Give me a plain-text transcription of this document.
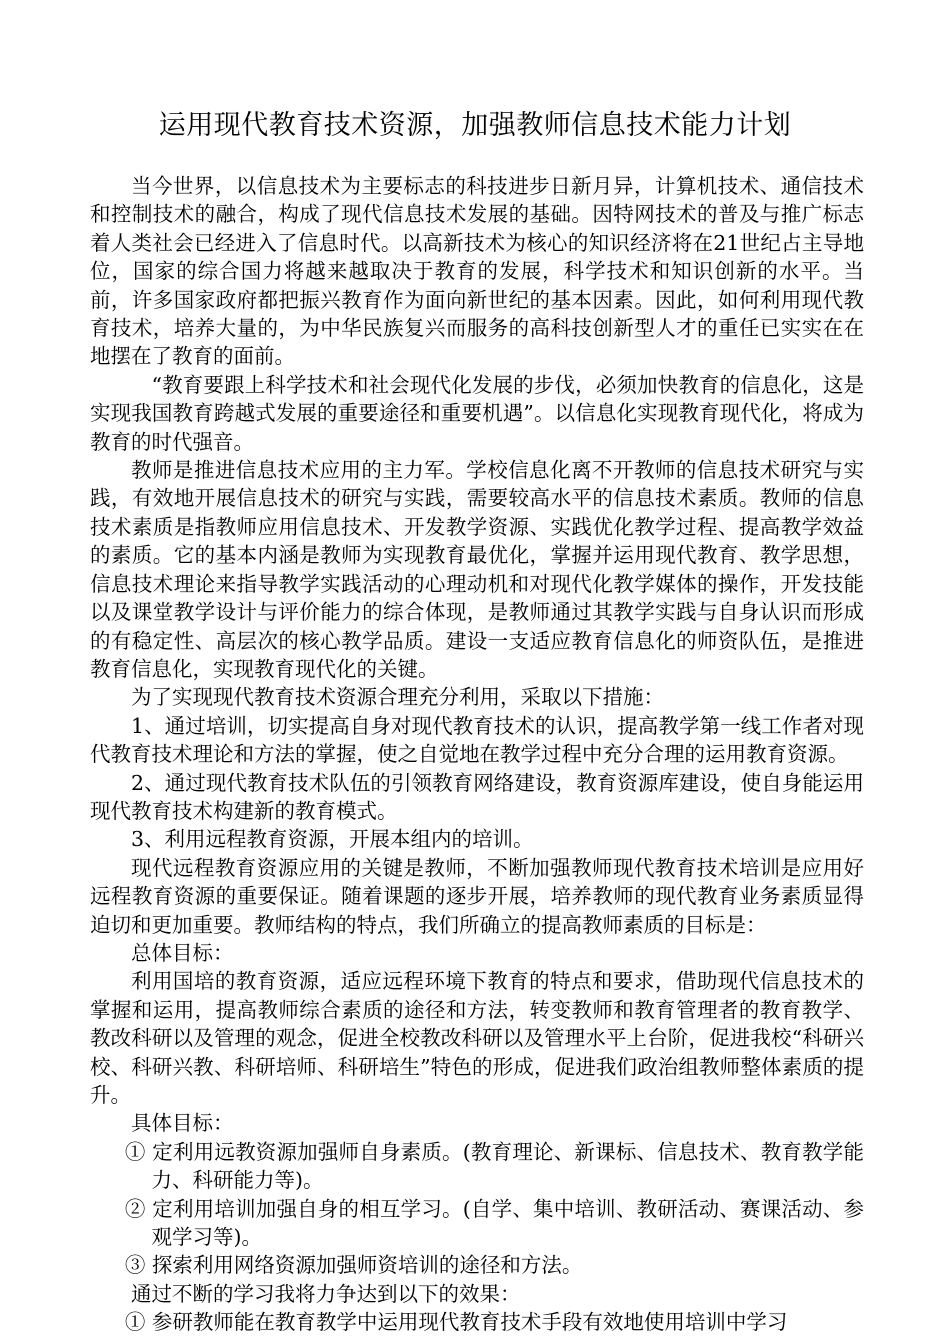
运用现代教育技术资源，加强教师信息技术能力计划

当今世界，以信息技术为主要标志的科技进步日新月异，计算机技术、通信技术和控制技术的融合，构成了现代信息技术发展的基础。因特网技术的普及与推广标志着人类社会已经进入了信息时代。以高新技术为核心的知识经济将在21世纪占主导地位，国家的综合国力将越来越取决于教育的发展，科学技术和知识创新的水平。当前，许多国家政府都把振兴教育作为面向新世纪的基本因素。因此，如何利用现代教育技术，培养大量的，为中华民族复兴而服务的高科技创新型人才的重任已实实在在地摆在了教育的面前。

“教育要跟上科学技术和社会现代化发展的步伐，必须加快教育的信息化，这是实现我国教育跨越式发展的重要途径和重要机遇”。以信息化实现教育现代化，将成为教育的时代强音。

教师是推进信息技术应用的主力军。学校信息化离不开教师的信息技术研究与实践，有效地开展信息技术的研究与实践，需要较高水平的信息技术素质。教师的信息技术素质是指教师应用信息技术、开发教学资源、实践优化教学过程、提高教学效益的素质。它的基本内涵是教师为实现教育最优化，掌握并运用现代教育、教学思想，信息技术理论来指导教学实践活动的心理动机和对现代化教学媒体的操作，开发技能以及课堂教学设计与评价能力的综合体现，是教师通过其教学实践与自身认识而形成的有稳定性、高层次的核心教学品质。建设一支适应教育信息化的师资队伍，是推进教育信息化，实现教育现代化的关键。

为了实现现代教育技术资源合理充分利用，采取以下措施：

1、通过培训，切实提高自身对现代教育技术的认识，提高教学第一线工作者对现代教育技术理论和方法的掌握，使之自觉地在教学过程中充分合理的运用教育资源。

2、通过现代教育技术队伍的引领教育网络建设，教育资源库建设，使自身能运用现代教育技术构建新的教育模式。

3、利用远程教育资源，开展本组内的培训。

现代远程教育资源应用的关键是教师，不断加强教师现代教育技术培训是应用好远程教育资源的重要保证。随着课题的逐步开展，培养教师的现代教育业务素质显得迫切和更加重要。教师结构的特点，我们所确立的提高教师素质的目标是：

总体目标：

利用国培的教育资源，适应远程环境下教育的特点和要求，借助现代信息技术的掌握和运用，提高教师综合素质的途径和方法，转变教师和教育管理者的教育教学、教改科研以及管理的观念，促进全校教改科研以及管理水平上台阶，促进我校“科研兴校、科研兴教、科研培师、科研培生”特色的形成，促进我们政治组教师整体素质的提升。

具体目标：

① 定利用远教资源加强师自身素质。(教育理论、新课标、信息技术、教育教学能力、科研能力等)。

② 定利用培训加强自身的相互学习。(自学、集中培训、教研活动、赛课活动、参观学习等)。

③ 探索利用网络资源加强师资培训的途径和方法。

通过不断的学习我将力争达到以下的效果：

① 参研教师能在教育教学中运用现代教育技术手段有效地使用培训中学习
